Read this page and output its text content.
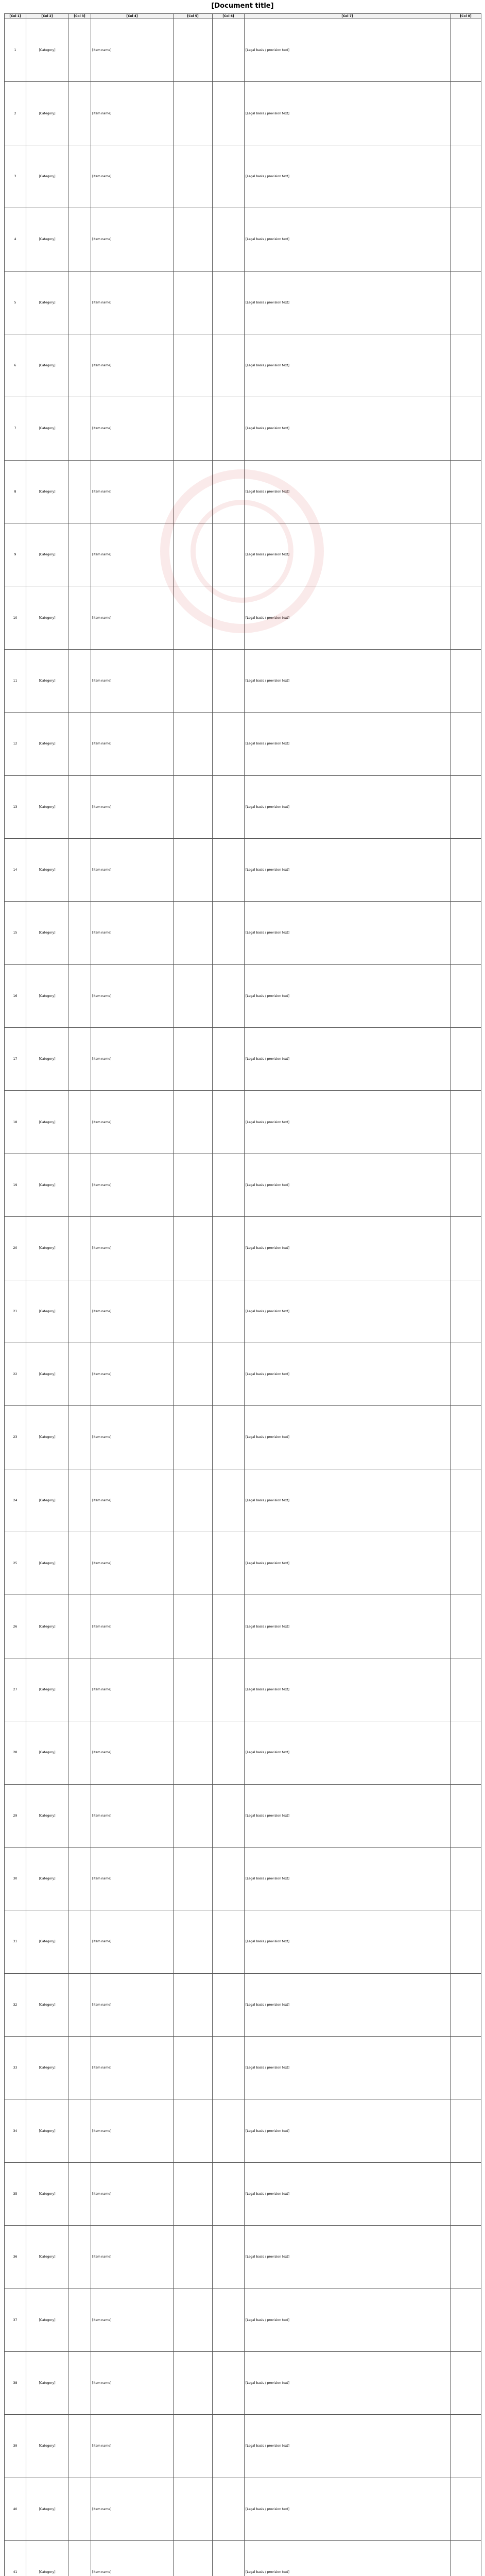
[Document title]
[Col 1]	[Col 2]	[Col 3]	[Col 4]	[Col 5]	[Col 6]	[Col 7]	[Col 8]
1	[Category]		[Item name]			[Legal basis / provision text]	
2	[Category]		[Item name]			[Legal basis / provision text]	
3	[Category]		[Item name]			[Legal basis / provision text]	
4	[Category]		[Item name]			[Legal basis / provision text]	
5	[Category]		[Item name]			[Legal basis / provision text]	
6	[Category]		[Item name]			[Legal basis / provision text]	
7	[Category]		[Item name]			[Legal basis / provision text]	
8	[Category]		[Item name]			[Legal basis / provision text]	
9	[Category]		[Item name]			[Legal basis / provision text]	
10	[Category]		[Item name]			[Legal basis / provision text]	
11	[Category]		[Item name]			[Legal basis / provision text]	
12	[Category]		[Item name]			[Legal basis / provision text]	
13	[Category]		[Item name]			[Legal basis / provision text]	
14	[Category]		[Item name]			[Legal basis / provision text]	
15	[Category]		[Item name]			[Legal basis / provision text]	
16	[Category]		[Item name]			[Legal basis / provision text]	
17	[Category]		[Item name]			[Legal basis / provision text]	
18	[Category]		[Item name]			[Legal basis / provision text]	
19	[Category]		[Item name]			[Legal basis / provision text]	
20	[Category]		[Item name]			[Legal basis / provision text]	
21	[Category]		[Item name]			[Legal basis / provision text]	
22	[Category]		[Item name]			[Legal basis / provision text]	
23	[Category]		[Item name]			[Legal basis / provision text]	
24	[Category]		[Item name]			[Legal basis / provision text]	
25	[Category]		[Item name]			[Legal basis / provision text]	
26	[Category]		[Item name]			[Legal basis / provision text]	
27	[Category]		[Item name]			[Legal basis / provision text]	
28	[Category]		[Item name]			[Legal basis / provision text]	
29	[Category]		[Item name]			[Legal basis / provision text]	
30	[Category]		[Item name]			[Legal basis / provision text]	
31	[Category]		[Item name]			[Legal basis / provision text]	
32	[Category]		[Item name]			[Legal basis / provision text]	
33	[Category]		[Item name]			[Legal basis / provision text]	
34	[Category]		[Item name]			[Legal basis / provision text]	
35	[Category]		[Item name]			[Legal basis / provision text]	
36	[Category]		[Item name]			[Legal basis / provision text]	
37	[Category]		[Item name]			[Legal basis / provision text]	
38	[Category]		[Item name]			[Legal basis / provision text]	
39	[Category]		[Item name]			[Legal basis / provision text]	
40	[Category]		[Item name]			[Legal basis / provision text]	
41	[Category]		[Item name]			[Legal basis / provision text]	
